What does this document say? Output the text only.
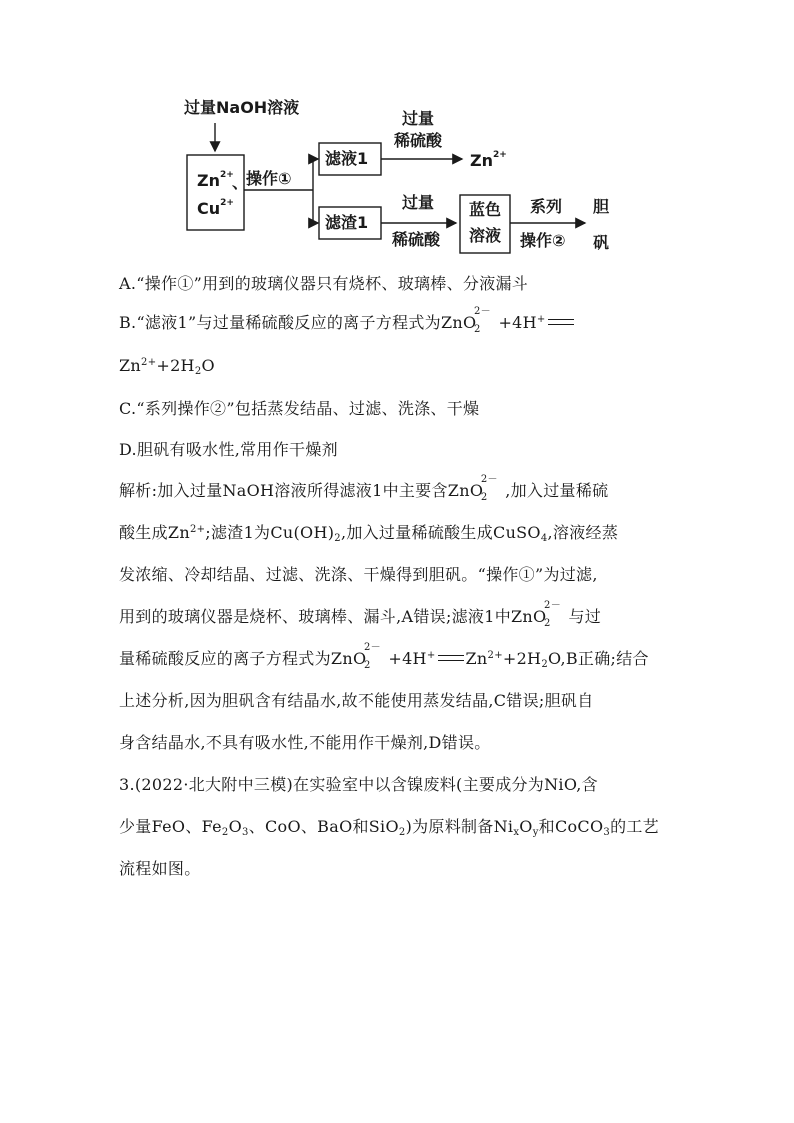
过量NaOH溶液
$Zn^{2+}$
、
$Cu^{2+}$
操作①
滤液1
滤渣1
过量
稀硫酸
$Zn^{2+}$
过量
稀硫酸
蓝色
溶液
系列
操作②
胆
矾
A.“操作①”用到的玻璃仪器只有烧杯、玻璃棒、分液漏斗
B.“滤液1”与过量稀硫酸反应的离子方程式为ZnO
2－
2 +4H+
$Zn^{2+}+2H_2O$
C.“系列操作②”包括蒸发结晶、过滤、洗涤、干燥
D.胆矾有吸水性,常用作干燥剂
解析:加入过量NaOH溶液所得滤液1中主要含ZnO
2－
2 ,加入过量稀硫
酸生成$Zn^{2+}$;滤渣1为$Cu(OH)_2$,加入过量稀硫酸生成CuSO$_4$,溶液经蒸
发浓缩、冷却结晶、过滤、洗涤、干燥得到胆矾。“操作①”为过滤,
用到的玻璃仪器是烧杯、玻璃棒、漏斗,A错误;滤液1中ZnO
2－
2 与过
量稀硫酸反应的离子方程式为ZnO
2－
2 +4H+ $Zn^{2+}+2H_2O,B$正确;结合
上述分析,因为胆矾含有结晶水,故不能使用蒸发结晶,C错误;胆矾自
身含结晶水,不具有吸水性,不能用作干燥剂,D错误。
3.(2022·北大附中三模)在实验室中以含镍废料(主要成分为NiO,含
少量FeO、$Fe_2O_3$、CoO、BaO和SiO$_2$)为原料制备$Ni_xO_y$和CoCO$_3$的工艺
流程如图。
